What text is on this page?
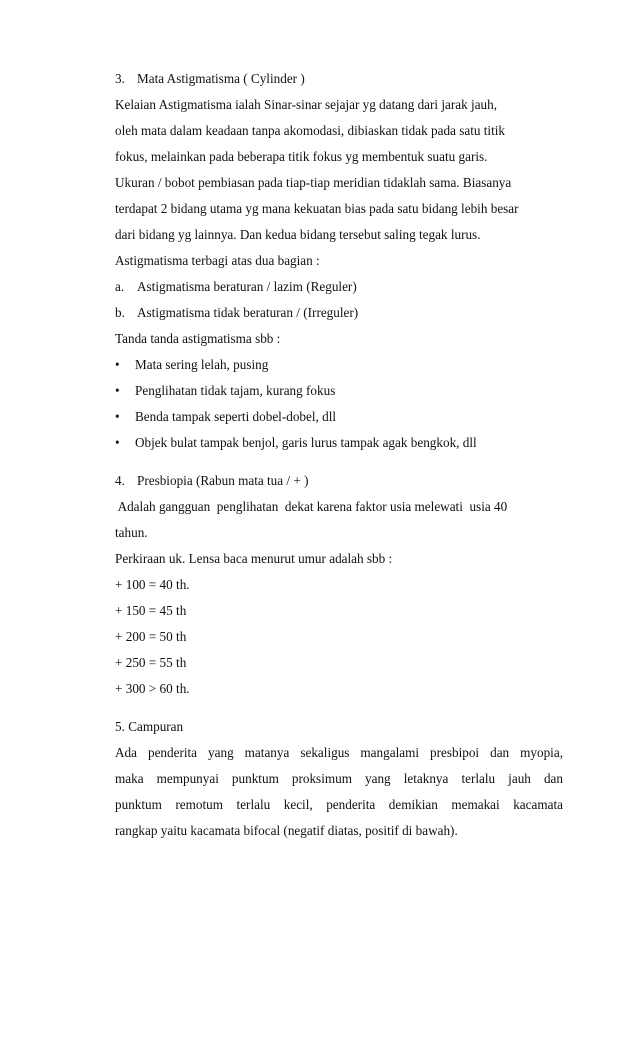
3. Mata Astigmatisma ( Cylinder )
Kelaian Astigmatisma ialah Sinar-sinar sejajar yg datang dari jarak jauh,
oleh mata dalam keadaan tanpa akomodasi, dibiaskan tidak pada satu titik
fokus, melainkan pada beberapa titik fokus yg membentuk suatu garis.
Ukuran / bobot pembiasan pada tiap-tiap meridian tidaklah sama. Biasanya
terdapat 2 bidang utama yg mana kekuatan bias pada satu bidang lebih besar
dari bidang yg lainnya. Dan kedua bidang tersebut saling tegak lurus.
Astigmatisma terbagi atas dua bagian :
a. Astigmatisma beraturan / lazim (Reguler)
b. Astigmatisma tidak beraturan / (Irreguler)
Tanda tanda astigmatisma sbb :
• Mata sering lelah, pusing
• Penglihatan tidak tajam, kurang fokus
• Benda tampak seperti dobel-dobel, dll
• Objek bulat tampak benjol, garis lurus tampak agak bengkok, dll
4. Presbiopia (Rabun mata tua / + )
Adalah gangguan  penglihatan  dekat karena faktor usia melewati  usia 40
tahun.
Perkiraan uk. Lensa baca menurut umur adalah sbb :
+ 100 = 40 th.
+ 150 = 45 th
+ 200 = 50 th
+ 250 = 55 th
+ 300 > 60 th.
5. Campuran
Ada penderita yang matanya sekaligus mangalami presbipoi dan myopia,
maka mempunyai punktum proksimum yang letaknya terlalu jauh dan
punktum remotum terlalu kecil, penderita demikian memakai kacamata
rangkap yaitu kacamata bifocal (negatif diatas, positif di bawah).
